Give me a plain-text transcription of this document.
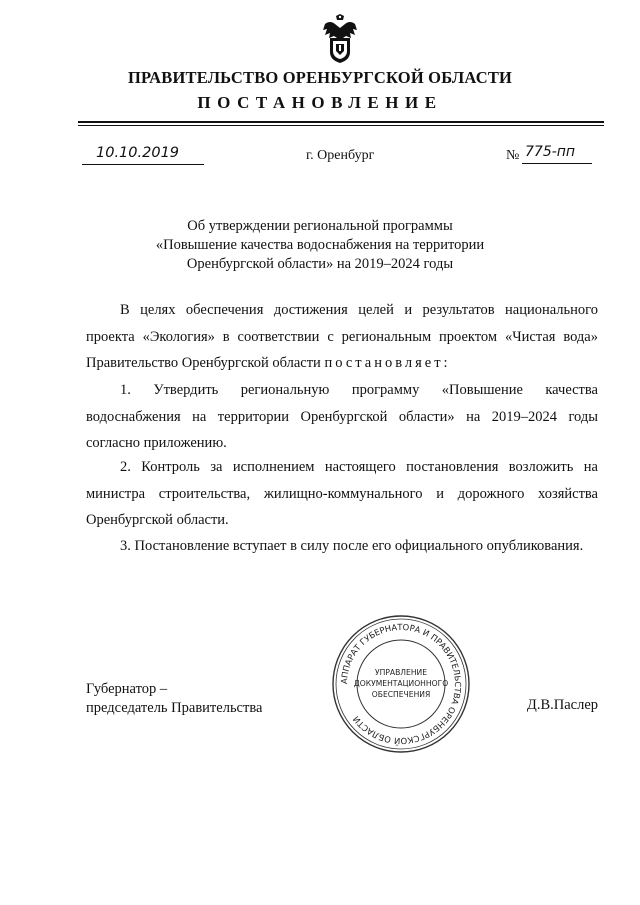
ПРАВИТЕЛЬСТВО ОРЕНБУРГСКОЙ ОБЛАСТИ
ПОСТАНОВЛЕНИЕ
10.10.2019	г. Оренбург	№ 775-пп
Об утверждении региональной программы
«Повышение качества водоснабжения на территории
Оренбургской области» на 2019–2024 годы
В целях обеспечения достижения целей и результатов национального проекта «Экология» в соответствии с региональным проектом «Чистая вода» Правительство Оренбургской области постановляет:
1. Утвердить региональную программу «Повышение качества водоснабжения на территории Оренбургской области» на 2019–2024 годы согласно приложению.
2. Контроль за исполнением настоящего постановления возложить на министра строительства, жилищно-коммунального и дорожного хозяйства Оренбургской области.
3. Постановление вступает в силу после его официального опубликования.
Губернатор –
председатель Правительства
АППАРАТ ГУБЕРНАТОРА И ПРАВИТЕЛЬСТВА ОРЕНБУРГСКОЙ ОБЛАСТИ
УПРАВЛЕНИЕ
ДОКУМЕНТАЦИОННОГО
ОБЕСПЕЧЕНИЯ
Д.В.Паслер
